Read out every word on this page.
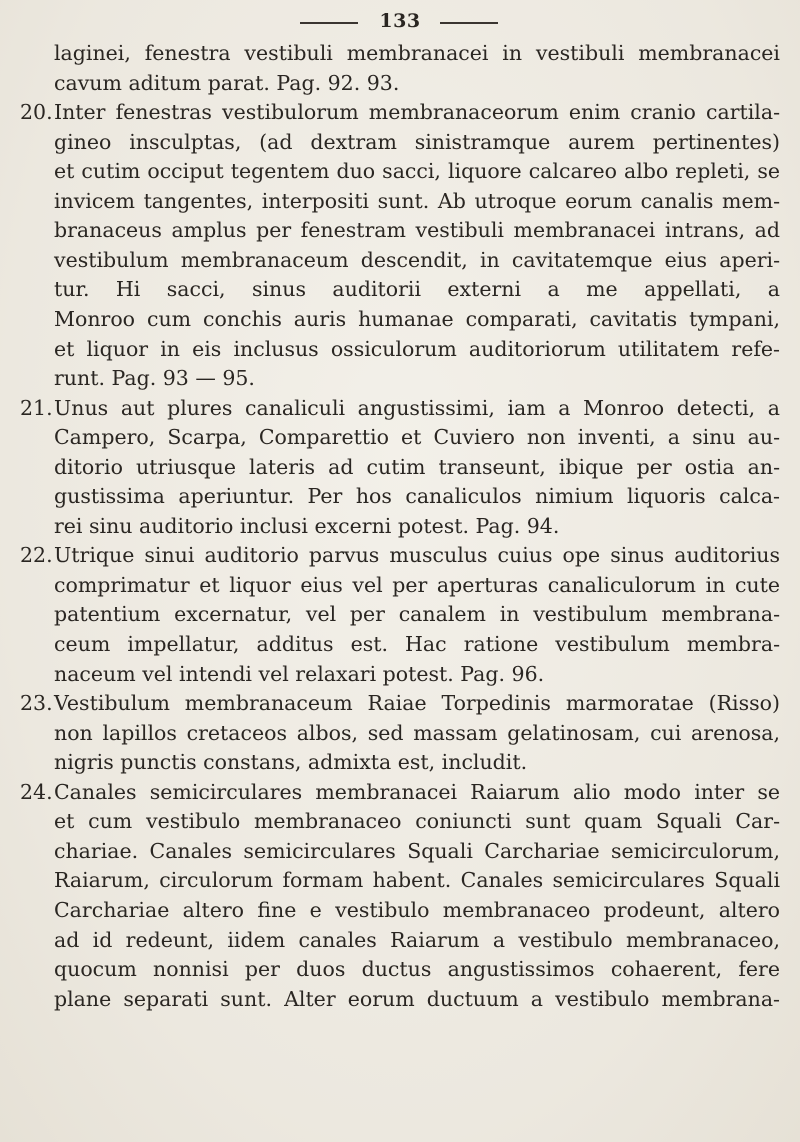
133
laginei, fenestra vestibuli membranacei in vestibuli membranacei
cavum aditum parat. Pag. 92. 93.
20. Inter fenestras vestibulorum membranaceorum enim cranio cartila-
gineo insculptas, (ad dextram sinistramque aurem pertinentes)
et cutim occiput tegentem duo sacci, liquore calcareo albo repleti, se
invicem tangentes, interpositi sunt. Ab utroque eorum canalis mem-
branaceus amplus per fenestram vestibuli membranacei intrans, ad
vestibulum membranaceum descendit, in cavitatemque eius aperi-
tur. Hi sacci, sinus auditorii externi a me appellati, a
Monroo cum conchis auris humanae comparati, cavitatis tympani,
et liquor in eis inclusus ossiculorum auditoriorum utilitatem refe-
runt. Pag. 93 — 95.
21. Unus aut plures canaliculi angustissimi, iam a Monroo detecti, a
Campero, Scarpa, Comparettio et Cuviero non inventi, a sinu au-
ditorio utriusque lateris ad cutim transeunt, ibique per ostia an-
gustissima aperiuntur. Per hos canaliculos nimium liquoris calca-
rei sinu auditorio inclusi excerni potest. Pag. 94.
22. Utrique sinui auditorio parvus musculus cuius ope sinus auditorius
comprimatur et liquor eius vel per aperturas canaliculorum in cute
patentium excernatur, vel per canalem in vestibulum membrana-
ceum impellatur, additus est. Hac ratione vestibulum membra-
naceum vel intendi vel relaxari potest. Pag. 96.
23. Vestibulum membranaceum Raiae Torpedinis marmoratae (Risso)
non lapillos cretaceos albos, sed massam gelatinosam, cui arenosa,
nigris punctis constans, admixta est, includit.
24. Canales semicirculares membranacei Raiarum alio modo inter se
et cum vestibulo membranaceo coniuncti sunt quam Squali Car-
chariae. Canales semicirculares Squali Carchariae semicirculorum,
Raiarum, circulorum formam habent. Canales semicirculares Squali
Carchariae altero fine e vestibulo membranaceo prodeunt, altero
ad id redeunt, iidem canales Raiarum a vestibulo membranaceo,
quocum nonnisi per duos ductus angustissimos cohaerent, fere
plane separati sunt. Alter eorum ductuum a vestibulo membrana-
